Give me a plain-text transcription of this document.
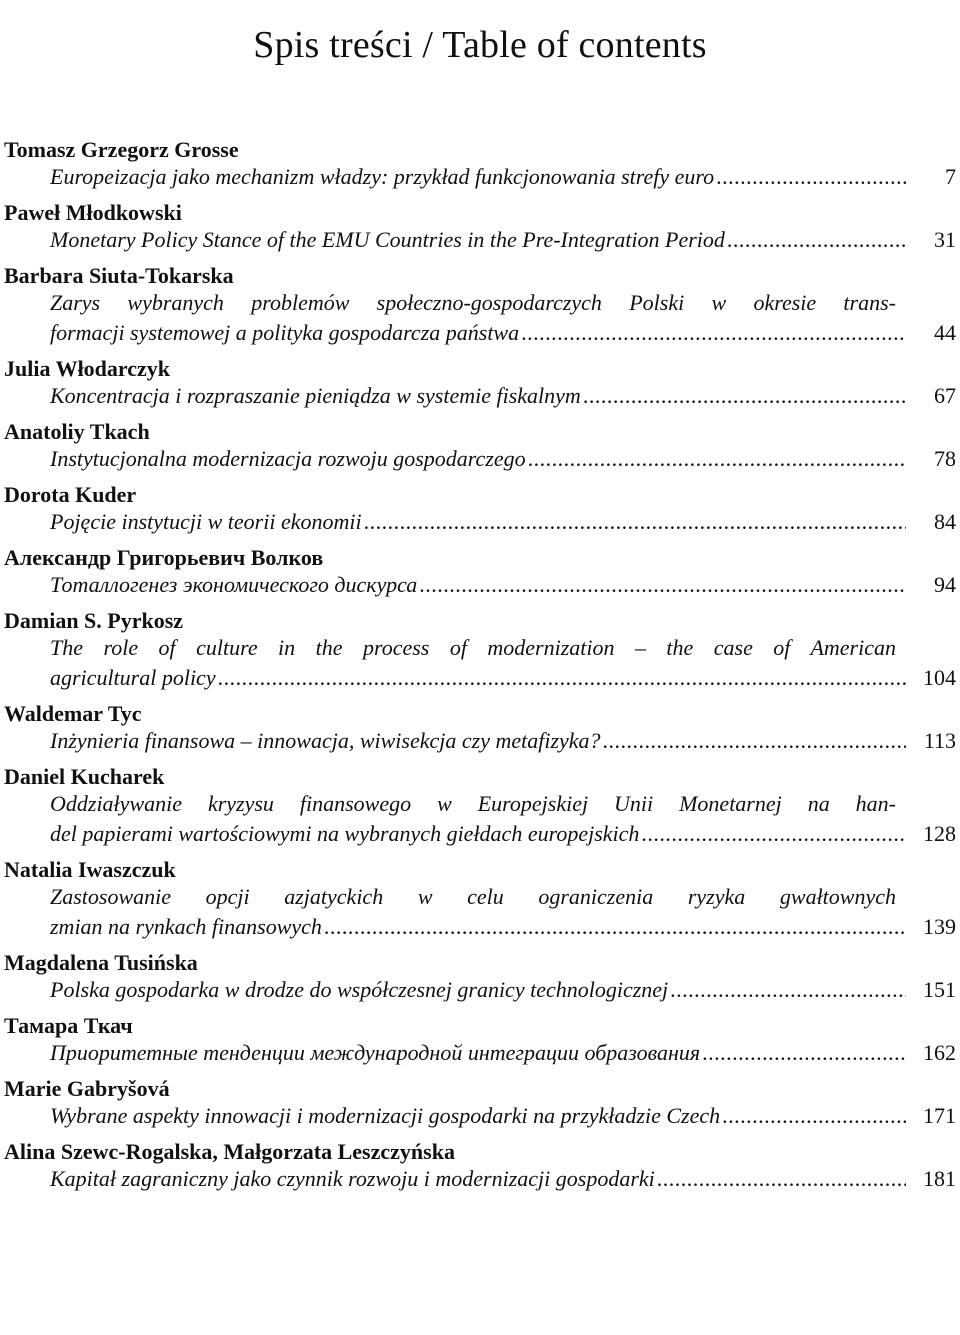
Spis treści / Table of contents
Tomasz Grzegorz Grosse
Europeizacja jako mechanizm władzy: przykład funkcjonowania strefy euro .....	7
Paweł Młodkowski
Monetary Policy Stance of the EMU Countries in the Pre-Integration Period .....	31
Barbara Siuta-Tokarska
Zarys wybranych problemów społeczno-gospodarczych Polski w okresie trans-
formacji systemowej a polityka gospodarcza państwa .....	44
Julia Włodarczyk
Koncentracja i rozpraszanie pieniądza w systemie fiskalnym .....	67
Anatoliy Tkach
Instytucjonalna modernizacja rozwoju gospodarczego .....	78
Dorota Kuder
Pojęcie instytucji w teorii ekonomii .....	84
Александр Григорьевич Волков
Тоталлогенез экономического дискурса .....	94
Damian S. Pyrkosz
The role of culture in the process of modernization – the case of American
agricultural policy .....	104
Waldemar Tyc
Inżynieria finansowa – innowacja, wiwisekcja czy metafizyka? .....	113
Daniel Kucharek
Oddziaływanie kryzysu finansowego w Europejskiej Unii Monetarnej na han-
del papierami wartościowymi na wybranych giełdach europejskich .....	128
Natalia Iwaszczuk
Zastosowanie opcji azjatyckich w celu ograniczenia ryzyka gwałtownych
zmian na rynkach finansowych .....	139
Magdalena Tusińska
Polska gospodarka w drodze do współczesnej granicy technologicznej .....	151
Тамара Ткач
Приоритетные тенденции международной интеграции образования .....	162
Marie Gabryšová
Wybrane aspekty innowacji i modernizacji gospodarki na przykładzie Czech .....	171
Alina Szewc-Rogalska, Małgorzata Leszczyńska
Kapitał zagraniczny jako czynnik rozwoju i modernizacji gospodarki .....	181
